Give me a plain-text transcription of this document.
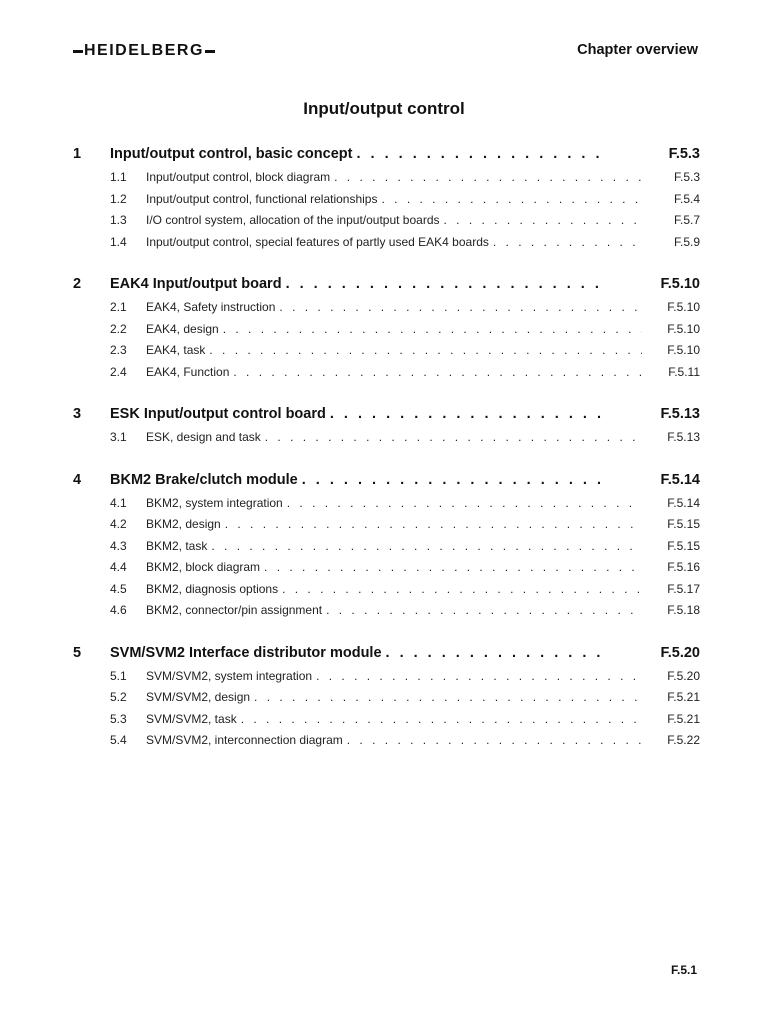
HEIDELBERG	Chapter overview
Input/output control
1	Input/output control, basic concept . . .	F.5.3
1.1	Input/output control, block diagram . . .	F.5.3
1.2	Input/output control, functional relationships . . .	F.5.4
1.3	I/O control system, allocation of the input/output boards . . .	F.5.7
1.4	Input/output control, special features of partly used EAK4 boards . . .	F.5.9
2	EAK4 Input/output board . . .	F.5.10
2.1	EAK4, Safety instruction . . .	F.5.10
2.2	EAK4, design . . .	F.5.10
2.3	EAK4, task . . .	F.5.10
2.4	EAK4, Function . . .	F.5.11
3	ESK Input/output control board . . .	F.5.13
3.1	ESK, design and task . . .	F.5.13
4	BKM2 Brake/clutch module . . .	F.5.14
4.1	BKM2, system integration . . .	F.5.14
4.2	BKM2, design . . .	F.5.15
4.3	BKM2, task . . .	F.5.15
4.4	BKM2, block diagram . . .	F.5.16
4.5	BKM2, diagnosis options . . .	F.5.17
4.6	BKM2, connector/pin assignment . . .	F.5.18
5	SVM/SVM2 Interface distributor module . . .	F.5.20
5.1	SVM/SVM2, system integration . . .	F.5.20
5.2	SVM/SVM2, design . . .	F.5.21
5.3	SVM/SVM2, task . . .	F.5.21
5.4	SVM/SVM2, interconnection diagram . . .	F.5.22
F.5.1
